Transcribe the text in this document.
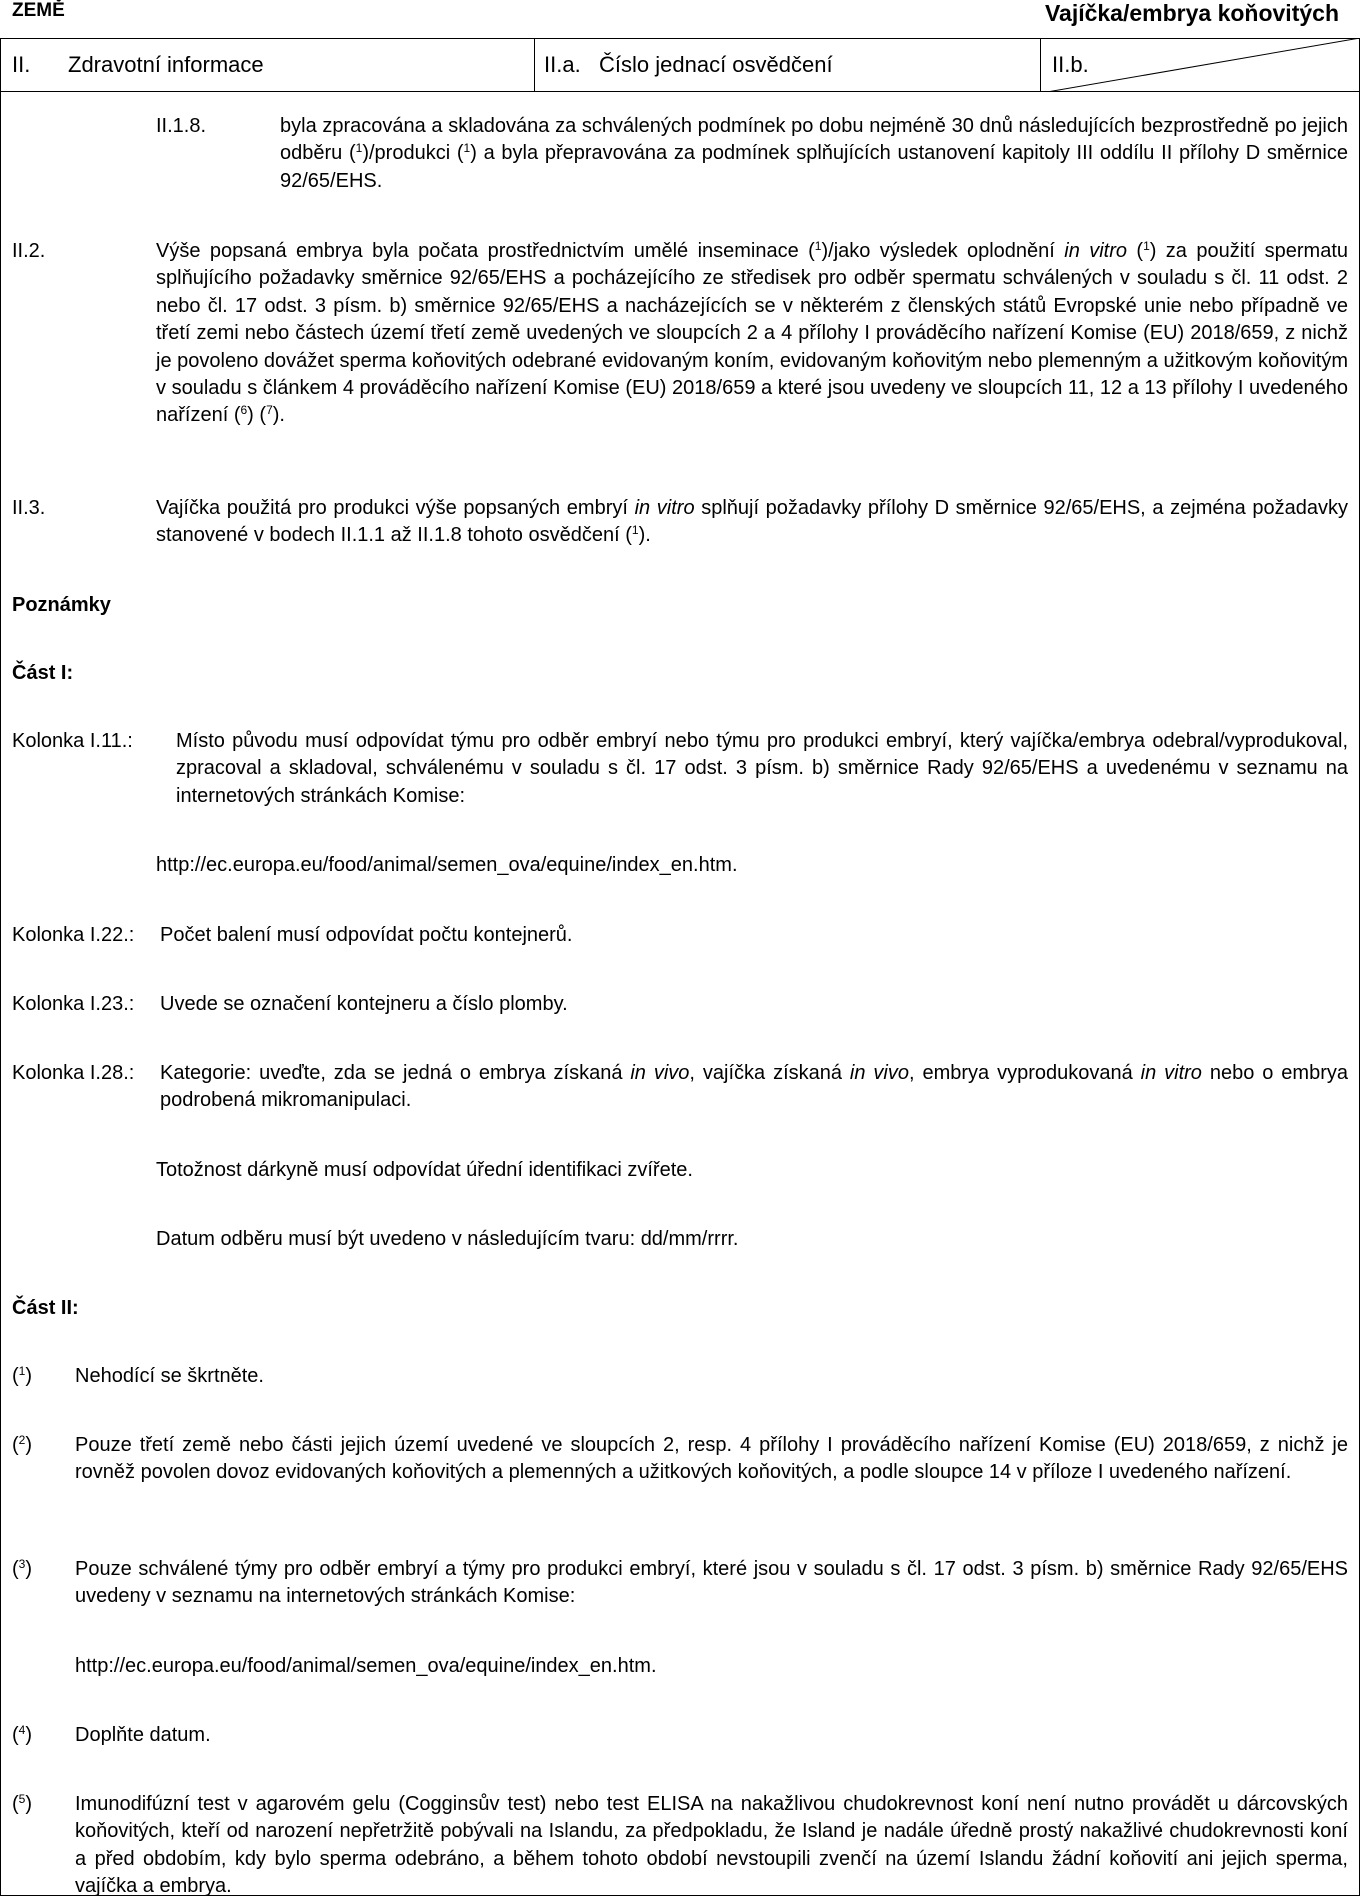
ZEMĚ	Vajíčka/embrya koňovitých
II. Zdravotní informace	II.a.   Číslo jednací osvědčení	II.b.
II.1.8.	byla zpracována a skladována za schválených podmínek po dobu nejméně 30 dnů následujících bezprostředně po jejich odběru ($^1$)/produkci ($^1$) a byla přepravována za podmínek splňujících ustanovení kapitoly III oddílu II přílohy D směrnice 92/65/EHS.
II.2.	Výše popsaná embrya byla počata prostřednictvím umělé inseminace ($^1$)/jako výsledek oplodnění in vitro ($^1$) za použití spermatu splňujícího požadavky směrnice 92/65/EHS a pocházejícího ze středisek pro odběr spermatu schválených v souladu s čl. 11 odst. 2 nebo čl. 17 odst. 3 písm. b) směrnice 92/65/EHS a nacházejících se v některém z členských států Evropské unie nebo případně ve třetí zemi nebo částech území třetí země uvedených ve sloupcích 2 a 4 přílohy I prováděcího nařízení Komise (EU) 2018/659, z nichž je povoleno dovážet sperma koňovitých odebrané evidovaným koním, evidovaným koňovitým nebo plemenným a užitkovým koňovitým v souladu s článkem 4 prováděcího nařízení Komise (EU) 2018/659 a které jsou uvedeny ve sloupcích 11, 12 a 13 přílohy I uvedeného nařízení ($^6$) ($^7$).
II.3.	Vajíčka použitá pro produkci výše popsaných embryí in vitro splňují požadavky přílohy D směrnice 92/65/EHS, a zejména požadavky stanovené v bodech II.1.1 až II.1.8 tohoto osvědčení ($^1$).
Poznámky
Část I:
Kolonka I.11.: Místo původu musí odpovídat týmu pro odběr embryí nebo týmu pro produkci embryí, který vajíčka/embrya odebral/vyprodukoval, zpracoval a skladoval, schválenému v souladu s čl. 17 odst. 3 písm. b) směrnice Rady 92/65/EHS a uvedenému v seznamu na internetových stránkách Komise:
http://ec.europa.eu/food/animal/semen_ova/equine/index_en.htm.
Kolonka I.22.: Počet balení musí odpovídat počtu kontejnerů.
Kolonka I.23.: Uvede se označení kontejneru a číslo plomby.
Kolonka I.28.: Kategorie: uveďte, zda se jedná o embrya získaná in vivo, vajíčka získaná in vivo, embrya vyprodukovaná in vitro nebo o embrya podrobená mikromanipulaci.
Totožnost dárkyně musí odpovídat úřední identifikaci zvířete.
Datum odběru musí být uvedeno v následujícím tvaru: dd/mm/rrrr.
Část II:
($^1$) Nehodící se škrtněte.
($^2$) Pouze třetí země nebo části jejich území uvedené ve sloupcích 2, resp. 4 přílohy I prováděcího nařízení Komise (EU) 2018/659, z nichž je rovněž povolen dovoz evidovaných koňovitých a plemenných a užitkových koňovitých, a podle sloupce 14 v příloze I uvedeného nařízení.
($^3$) Pouze schválené týmy pro odběr embryí a týmy pro produkci embryí, které jsou v souladu s čl. 17 odst. 3 písm. b) směrnice Rady 92/65/EHS uvedeny v seznamu na internetových stránkách Komise:
http://ec.europa.eu/food/animal/semen_ova/equine/index_en.htm.
($^4$) Doplňte datum.
($^5$) Imunodifúzní test v agarovém gelu (Cogginsův test) nebo test ELISA na nakažlivou chudokrevnost koní není nutno provádět u dárcovských koňovitých, kteří od narození nepřetržitě pobývali na Islandu, za předpokladu, že Island je nadále úředně prostý nakažlivé chudokrevnosti koní a před obdobím, kdy bylo sperma odebráno, a během tohoto období nevstoupili zvenčí na území Islandu žádní koňovití ani jejich sperma, vajíčka a embrya.
